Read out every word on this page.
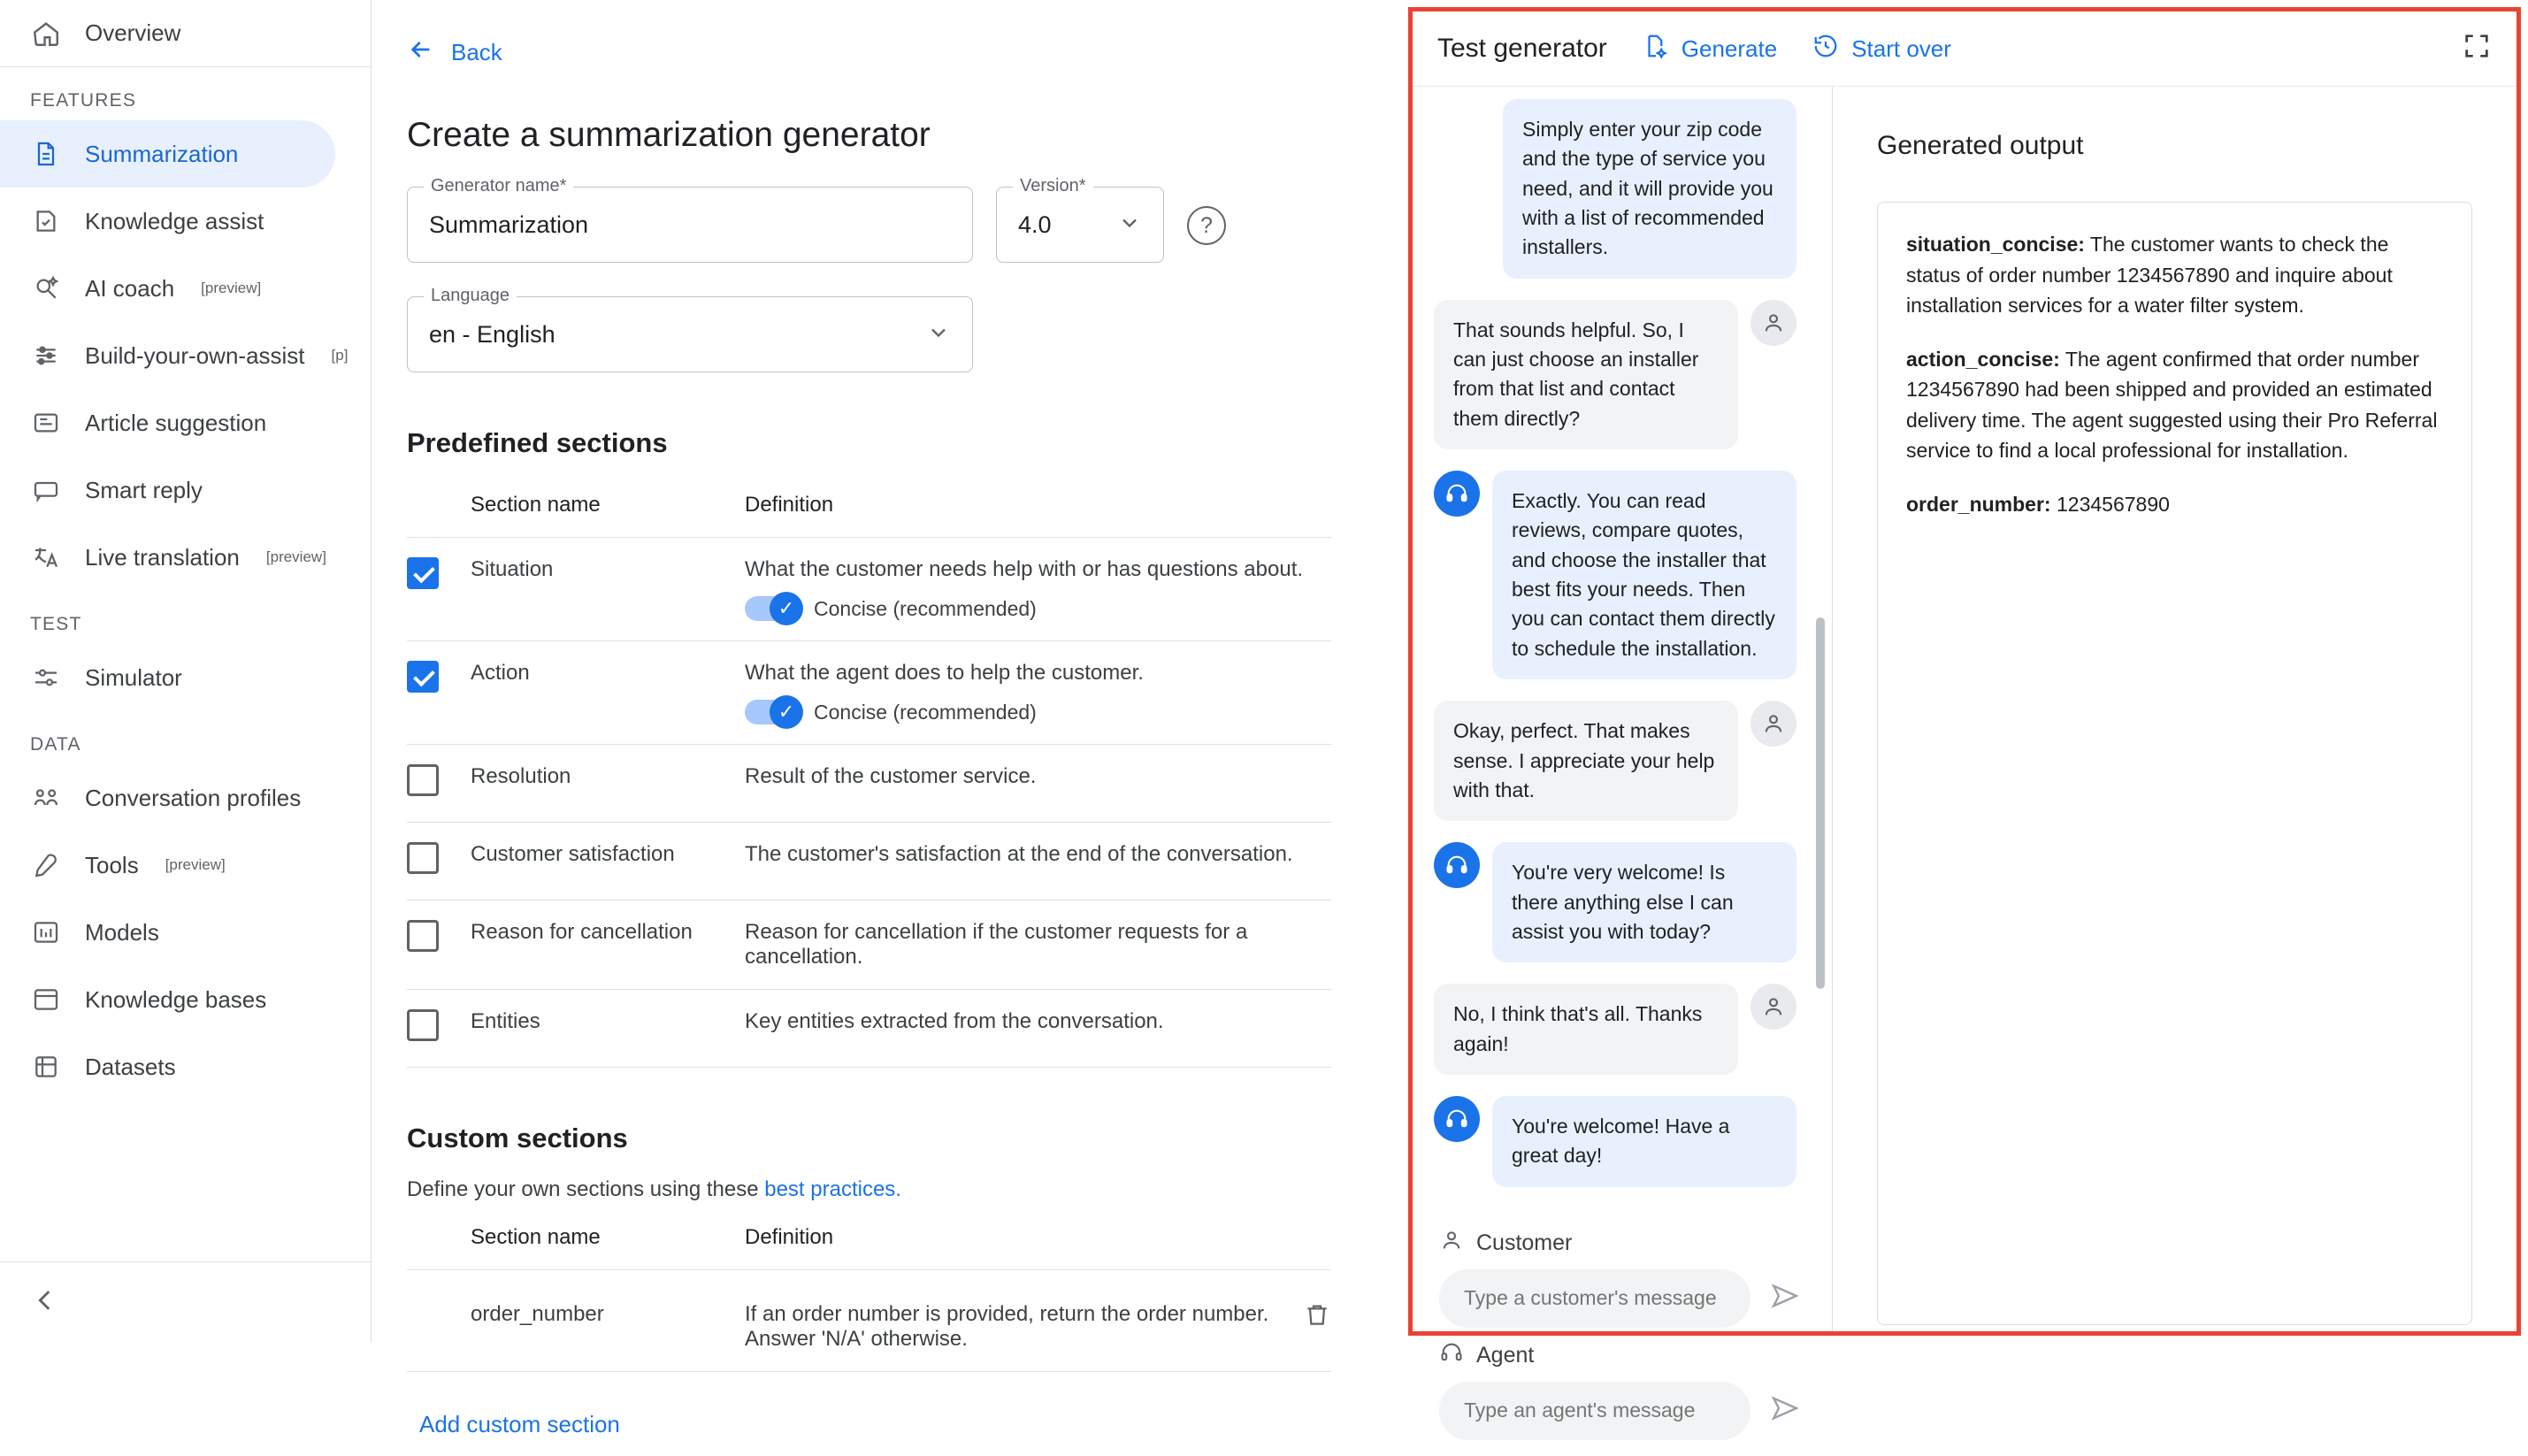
Overview
FEATURES
Summarization
Knowledge assist
AI coach [preview]
Build-your-own-assist [p]
Article suggestion
Smart reply
Live translation [preview]
TEST
Simulator
DATA
Conversation profiles
Tools [preview]
Models
Knowledge bases
Datasets
Back
Create a summarization generator
Generator name*
Summarization
Version*
4.0	?
Language
en - English
Predefined sections
	Section name	Definition
	Situation	What the customer needs help with or has questions about.
✓ Concise (recommended)

	Action	What the agent does to help the customer.
✓ Concise (recommended)

	Resolution	Result of the customer service.
	Customer satisfaction	The customer's satisfaction at the end of the conversation.
	Reason for cancellation	Reason for cancellation if the customer requests for a cancellation.
	Entities	Key entities extracted from the conversation.
Custom sections

Define your own sections using these best practices.

	Section name	Definition
	order_number	If an order number is provided, return the order number. Answer 'N/A' otherwise.
Add custom section
Test generator	Generate	Start over
Simply enter your zip code and the type of service you need, and it will provide you with a list of recommended installers.
That sounds helpful. So, I can just choose an installer from that list and contact them directly?
Exactly. You can read reviews, compare quotes, and choose the installer that best fits your needs. Then you can contact them directly to schedule the installation.
Okay, perfect. That makes sense. I appreciate your help with that.
You're very welcome! Is there anything else I can assist you with today?
No, I think that's all. Thanks again!
You're welcome! Have a great day!
Customer
Type a customer's message
Agent
Type an agent's message
Generated output

situation_concise: The customer wants to check the status of order number 1234567890 and inquire about installation services for a water filter system.

action_concise: The agent confirmed that order number 1234567890 had been shipped and provided an estimated delivery time. The agent suggested using their Pro Referral service to find a local professional for installation.

order_number: 1234567890
